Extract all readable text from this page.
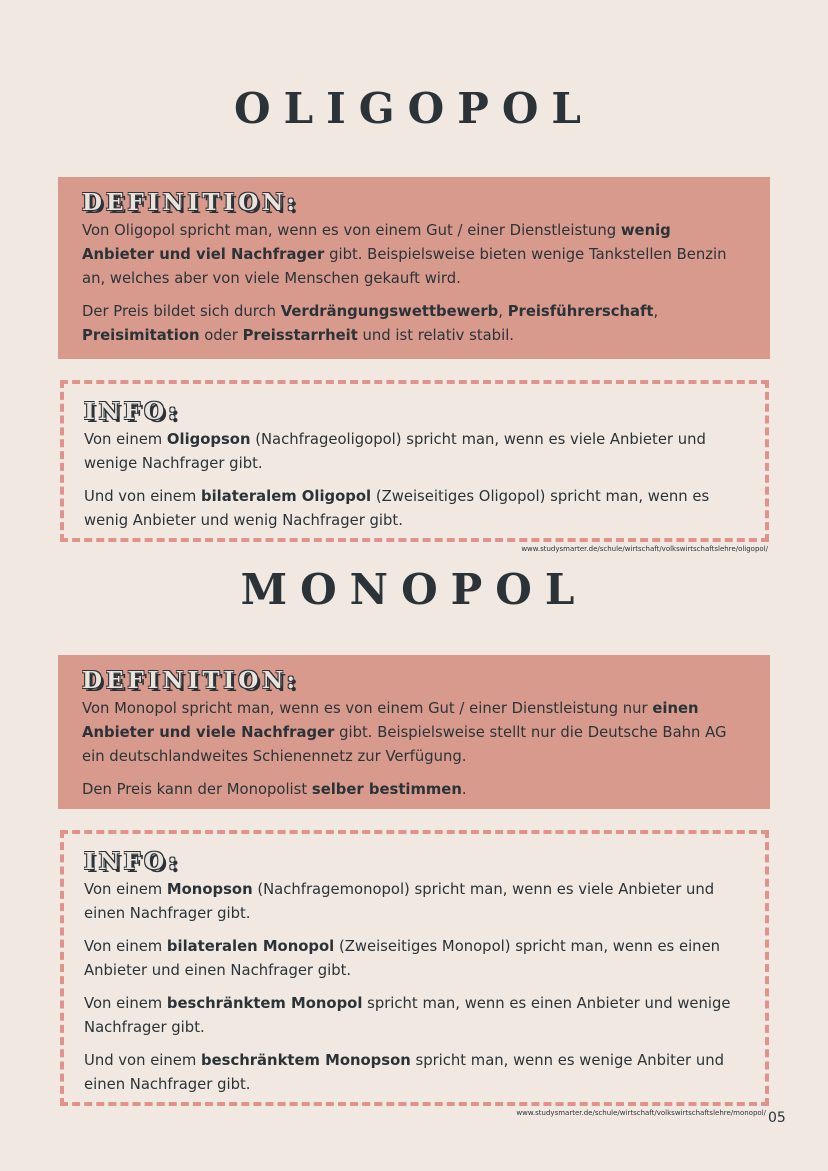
OLIGOPOL
DEFINITION:

Von Oligopol spricht man, wenn es von einem Gut / einer Dienstleistung wenig Anbieter und viel Nachfrager gibt. Beispielsweise bieten wenige Tankstellen Benzin an, welches aber von viele Menschen gekauft wird.

Der Preis bildet sich durch Verdrängungswettbewerb, Preisführerschaft, Preisimitation oder Preisstarrheit und ist relativ stabil.

INFO:

Von einem Oligopson (Nachfrageoligopol) spricht man, wenn es viele Anbieter und wenige Nachfrager gibt.

Und von einem bilateralem Oligopol (Zweiseitiges Oligopol) spricht man, wenn es wenig Anbieter und wenig Nachfrager gibt.

www.studysmarter.de/schule/wirtschaft/volkswirtschaftslehre/oligopol/
MONOPOL
DEFINITION:

Von Monopol spricht man, wenn es von einem Gut / einer Dienstleistung nur einen Anbieter und viele Nachfrager gibt. Beispielsweise stellt nur die Deutsche Bahn AG ein deutschlandweites Schienennetz zur Verfügung.

Den Preis kann der Monopolist selber bestimmen.

INFO:

Von einem Monopson (Nachfragemonopol) spricht man, wenn es viele Anbieter und einen Nachfrager gibt.

Von einem bilateralen Monopol (Zweiseitiges Monopol) spricht man, wenn es einen Anbieter und einen Nachfrager gibt.

Von einem beschränktem Monopol spricht man, wenn es einen Anbieter und wenige Nachfrager gibt.

Und von einem beschränktem Monopson spricht man, wenn es wenige Anbiter und einen Nachfrager gibt.

www.studysmarter.de/schule/wirtschaft/volkswirtschaftslehre/monopol/ 05
